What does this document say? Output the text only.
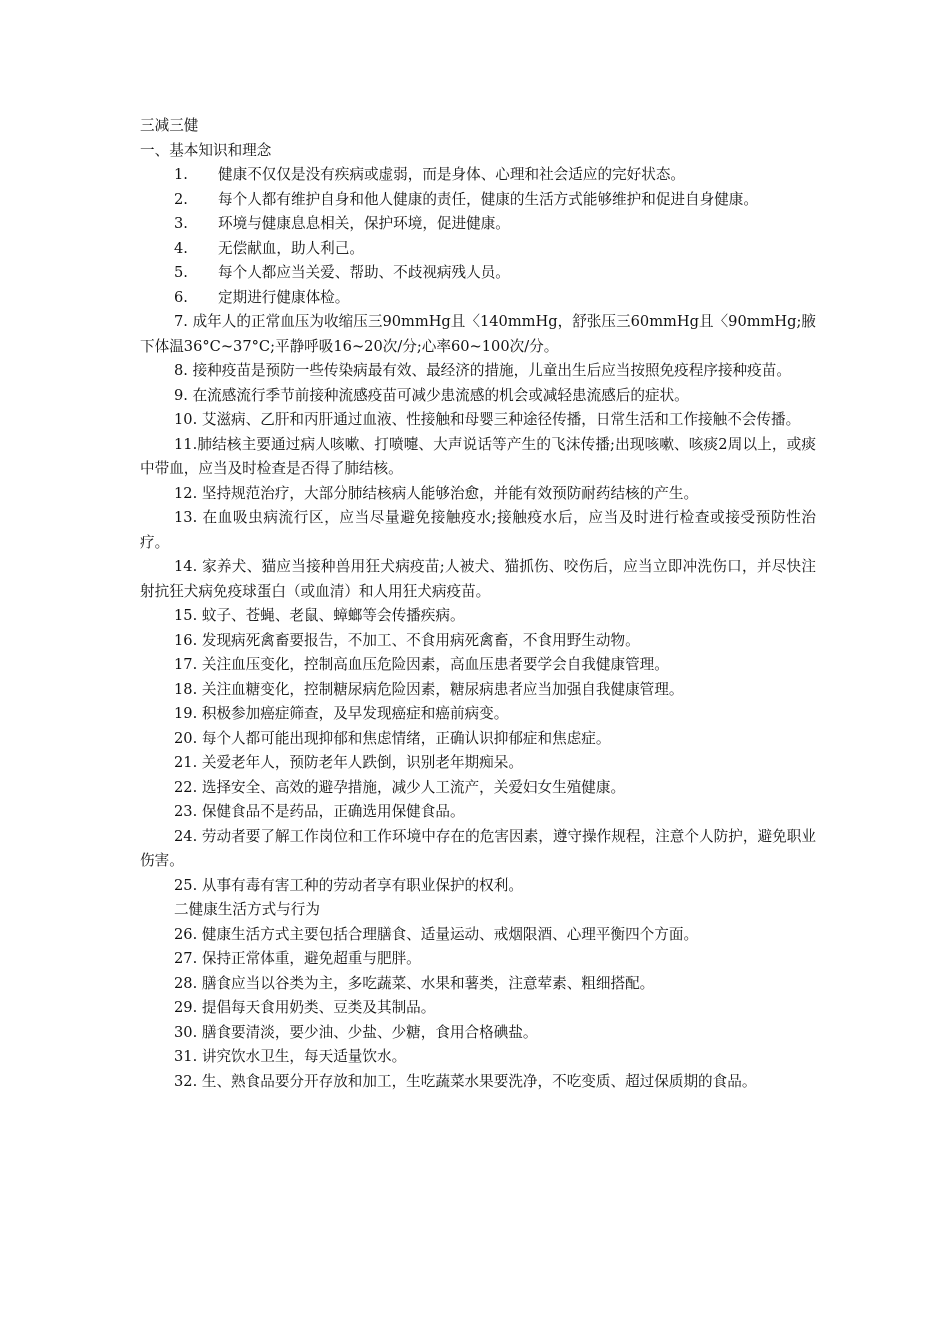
三减三健

一、基本知识和理念

1. 健康不仅仅是没有疾病或虚弱，而是身体、心理和社会适应的完好状态。

2. 每个人都有维护自身和他人健康的责任，健康的生活方式能够维护和促进自身健康。

3. 环境与健康息息相关，保护环境，促进健康。

4. 无偿献血，助人利己。

5. 每个人都应当关爱、帮助、不歧视病残人员。

6. 定期进行健康体检。

7. 成年人的正常血压为收缩压三90mmHg且〈140mmHg，舒张压三60mmHg且〈90mmHg;腋下体温36°C~37°C;平静呼吸16~20次/分;心率60~100次/分。

8. 接种疫苗是预防一些传染病最有效、最经济的措施，儿童出生后应当按照免疫程序接种疫苗。

9. 在流感流行季节前接种流感疫苗可减少患流感的机会或减轻患流感后的症状。

10. 艾滋病、乙肝和丙肝通过血液、性接触和母婴三种途径传播，日常生活和工作接触不会传播。

11.肺结核主要通过病人咳嗽、打喷嚏、大声说话等产生的飞沫传播;出现咳嗽、咳痰2周以上，或痰中带血，应当及时检查是否得了肺结核。

12. 坚持规范治疗，大部分肺结核病人能够治愈，并能有效预防耐药结核的产生。

13. 在血吸虫病流行区，应当尽量避免接触疫水;接触疫水后，应当及时进行检查或接受预防性治疗。

14. 家养犬、猫应当接种兽用狂犬病疫苗;人被犬、猫抓伤、咬伤后，应当立即冲洗伤口，并尽快注射抗狂犬病免疫球蛋白（或血清）和人用狂犬病疫苗。

15. 蚊子、苍蝇、老鼠、蟑螂等会传播疾病。

16. 发现病死禽畜要报告，不加工、不食用病死禽畜，不食用野生动物。

17. 关注血压变化，控制高血压危险因素，高血压患者要学会自我健康管理。

18. 关注血糖变化，控制糖尿病危险因素，糖尿病患者应当加强自我健康管理。

19. 积极参加癌症筛查，及早发现癌症和癌前病变。

20. 每个人都可能出现抑郁和焦虑情绪，正确认识抑郁症和焦虑症。

21. 关爱老年人，预防老年人跌倒，识别老年期痴呆。

22. 选择安全、高效的避孕措施，减少人工流产，关爱妇女生殖健康。

23. 保健食品不是药品，正确选用保健食品。

24. 劳动者要了解工作岗位和工作环境中存在的危害因素，遵守操作规程，注意个人防护，避免职业伤害。

25. 从事有毒有害工种的劳动者享有职业保护的权利。

二健康生活方式与行为

26. 健康生活方式主要包括合理膳食、适量运动、戒烟限酒、心理平衡四个方面。

27. 保持正常体重，避免超重与肥胖。

28. 膳食应当以谷类为主，多吃蔬菜、水果和薯类，注意荤素、粗细搭配。

29. 提倡每天食用奶类、豆类及其制品。

30. 膳食要清淡，要少油、少盐、少糖，食用合格碘盐。

31. 讲究饮水卫生，每天适量饮水。

32. 生、熟食品要分开存放和加工，生吃蔬菜水果要洗净，不吃变质、超过保质期的食品。
